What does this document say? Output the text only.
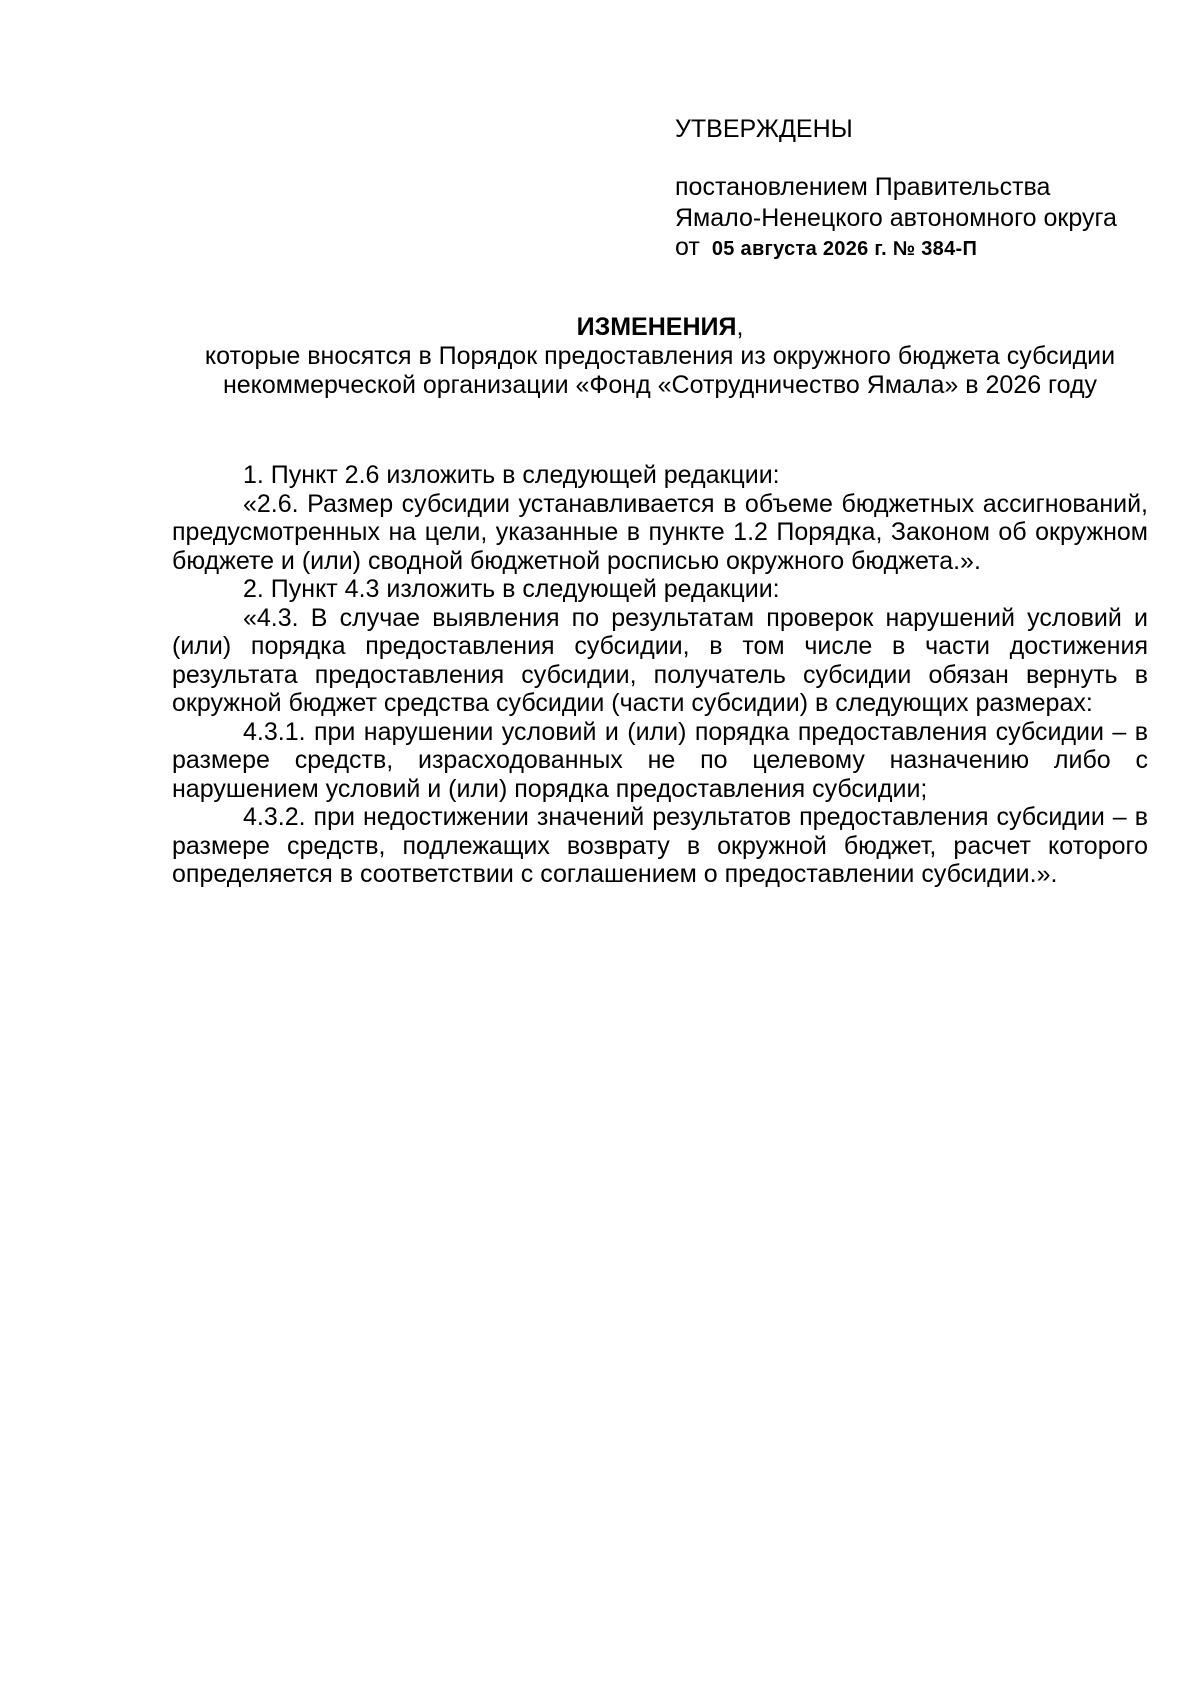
УТВЕРЖДЕНЫ
постановлением Правительства
Ямало-Ненецкого автономного округа
от 05 августа 2026 г. № 384-П
ИЗМЕНЕНИЯ,
которые вносятся в Порядок предоставления из окружного бюджета субсидии
некоммерческой организации «Фонд «Сотрудничество Ямала» в 2026 году

1. Пункт 2.6 изложить в следующей редакции:

«2.6. Размер субсидии устанавливается в объеме бюджетных ассигнований, предусмотренных на цели, указанные в пункте 1.2 Порядка, Законом об окружном бюджете и (или) сводной бюджетной росписью окружного бюджета.».

2. Пункт 4.3 изложить в следующей редакции:

«4.3. В случае выявления по результатам проверок нарушений условий и (или) порядка предоставления субсидии, в том числе в части достижения результата предоставления субсидии, получатель субсидии обязан вернуть в окружной бюджет средства субсидии (части субсидии) в следующих размерах:

4.3.1. при нарушении условий и (или) порядка предоставления субсидии – в размере средств, израсходованных не по целевому назначению либо с нарушением условий и (или) порядка предоставления субсидии;

4.3.2. при недостижении значений результатов предоставления субсидии – в размере средств, подлежащих возврату в окружной бюджет, расчет которого определяется в соответствии с соглашением о предоставлении субсидии.».
